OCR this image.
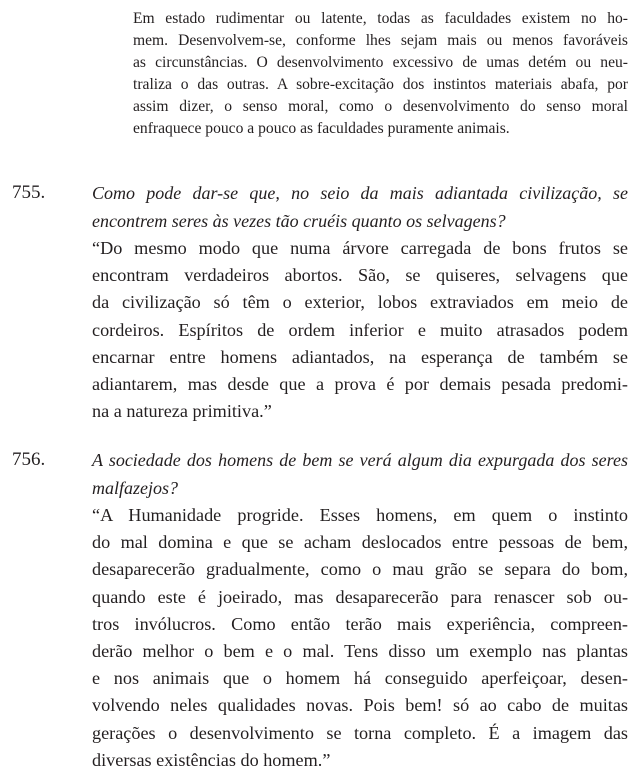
Em estado rudimentar ou latente, todas as faculdades existem no ho-
mem. Desenvolvem-se, conforme lhes sejam mais ou menos favoráveis
as circunstâncias. O desenvolvimento excessivo de umas detém ou neu-
traliza o das outras. A sobre-excitação dos instintos materiais abafa, por
assim dizer, o senso moral, como o desenvolvimento do senso moral
enfraquece pouco a pouco as faculdades puramente animais.
755.	Como pode dar-se que, no seio da mais adiantada civilização, se
encontrem seres às vezes tão cruéis quanto os selvagens?
“Do mesmo modo que numa árvore carregada de bons frutos se
encontram verdadeiros abortos. São, se quiseres, selvagens que
da civilização só têm o exterior, lobos extraviados em meio de
cordeiros. Espíritos de ordem inferior e muito atrasados podem
encarnar entre homens adiantados, na esperança de também se
adiantarem, mas desde que a prova é por demais pesada predomi-
na a natureza primitiva.”
756.	A sociedade dos homens de bem se verá algum dia expurgada dos seres
malfazejos?
“A Humanidade progride. Esses homens, em quem o instinto
do mal domina e que se acham deslocados entre pessoas de bem,
desaparecerão gradualmente, como o mau grão se separa do bom,
quando este é joeirado, mas desaparecerão para renascer sob ou-
tros invólucros. Como então terão mais experiência, compreen-
derão melhor o bem e o mal. Tens disso um exemplo nas plantas
e nos animais que o homem há conseguido aperfeiçoar, desen-
volvendo neles qualidades novas. Pois bem! só ao cabo de muitas
gerações o desenvolvimento se torna completo. É a imagem das
diversas existências do homem.”
